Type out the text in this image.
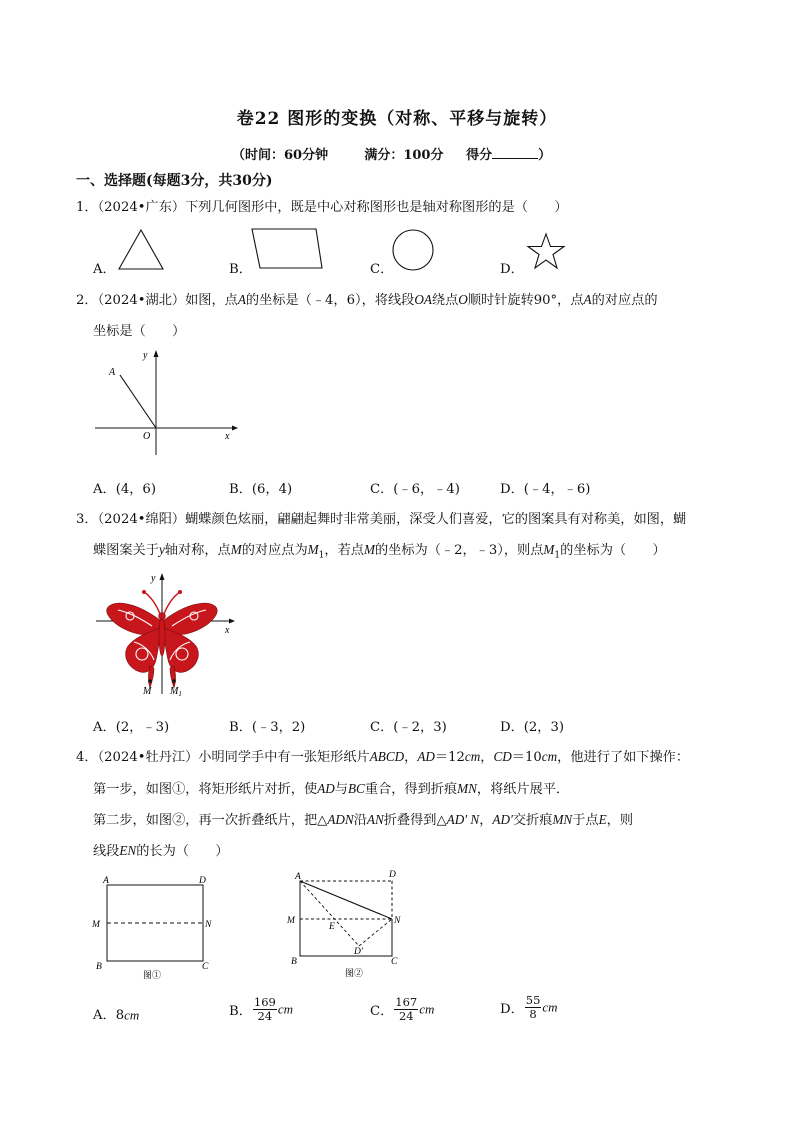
卷22 图形的变换（对称、平移与旋转）
（时间：60分钟	满分：100分 得分	）
一、选择题(每题3分，共30分)
1．（2024•广东）下列几何图形中，既是中心对称图形也是轴对称图形的是（　　）
A．	B．	C．	D．
2．（2024•湖北）如图，点A的坐标是（﹣4，6），将线段OA绕点O顺时针旋转90°，点A的对应点的
坐标是（　　）
y
x
A
O
A．(4，6)	B．(6，4)	C．(﹣6，﹣4)	D．(﹣4，﹣6)
3．（2024•绵阳）蝴蝶颜色炫丽，翩翩起舞时非常美丽，深受人们喜爱，它的图案具有对称美，如图，蝴
蝶图案关于y轴对称，点M的对应点为$M_1$，若点M的坐标为（﹣2，﹣3），则点$M_1$的坐标为（　　）
y
x
M $M_1$
A．(2，﹣3)	B．(﹣3，2)	C．(﹣2，3)	D．(2，3)
4．（2024•牡丹江）小明同学手中有一张矩形纸片ABCD，AD＝12cm，CD＝10cm，他进行了如下操作：
第一步，如图①，将矩形纸片对折，使AD与BC重合，得到折痕MN，将纸片展平．
第二步，如图②，再一次折叠纸片，把△ADN沿AN折叠得到△AD′ N，AD′交折痕MN于点E，则
线段EN的长为（　　）
A	D
M	N
B	C
图①
A	D
M	N
E
D′
B	C
图②
A．8cm	B． $\frac{169}{24}$ cm	C． $\frac{167}{24}$ cm	D． $\frac{55}{8}$ cm
